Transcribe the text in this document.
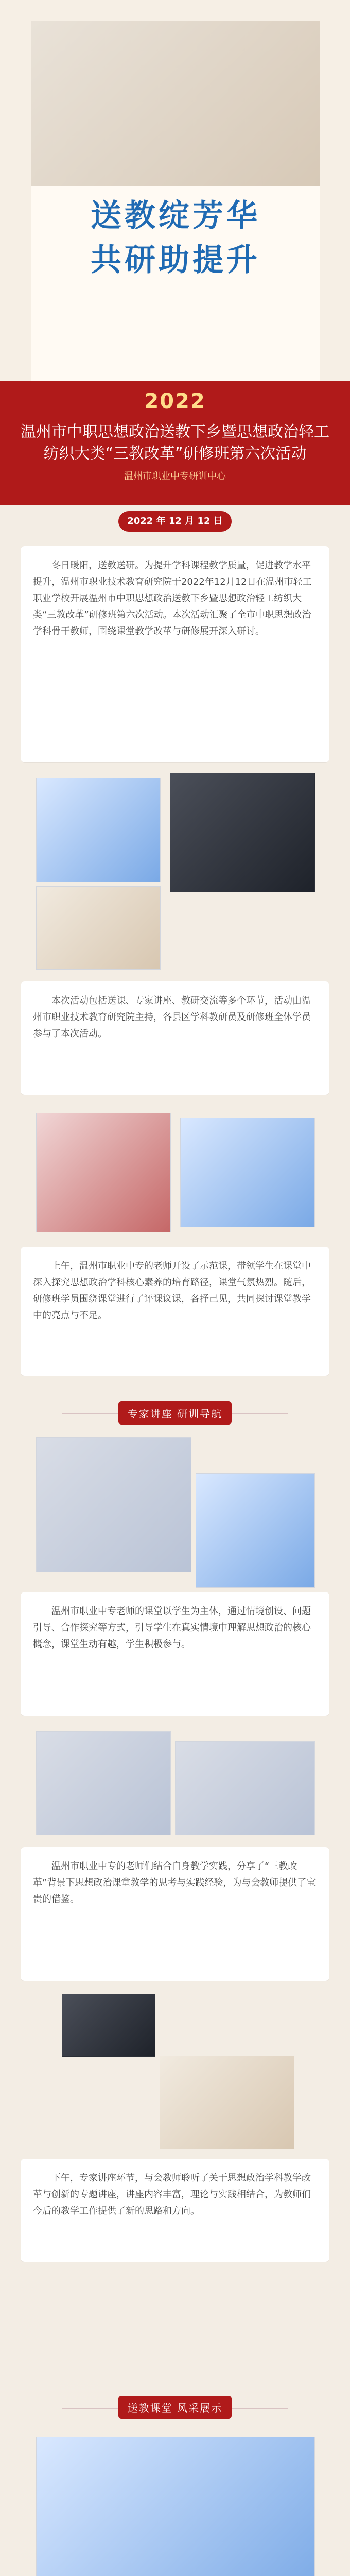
送教绽芳华
共研助提升
2022
温州市中职思想政治送教下乡暨思想政治轻工纺织大类“三教改革”研修班第六次活动
温州市职业中专研训中心
2022 年 12 月 12 日

冬日暖阳，送教送研。为提升学科课程教学质量，促进教学水平提升，温州市职业技术教育研究院于2022年12月12日在温州市轻工职业学校开展温州市中职思想政治送教下乡暨思想政治轻工纺织大类“三教改革”研修班第六次活动。本次活动汇聚了全市中职思想政治学科骨干教师，围绕课堂教学改革与研修展开深入研讨。

本次活动包括送课、专家讲座、教研交流等多个环节，活动由温州市职业技术教育研究院主持，各县区学科教研员及研修班全体学员参与了本次活动。

上午，温州市职业中专的老师开设了示范课，带领学生在课堂中深入探究思想政治学科核心素养的培育路径，课堂气氛热烈。随后，研修班学员围绕课堂进行了评课议课，各抒己见，共同探讨课堂教学中的亮点与不足。

专家讲座 研训导航

温州市职业中专老师的课堂以学生为主体，通过情境创设、问题引导、合作探究等方式，引导学生在真实情境中理解思想政治的核心概念，课堂生动有趣，学生积极参与。

温州市职业中专的老师们结合自身教学实践，分享了“三教改革”背景下思想政治课堂教学的思考与实践经验，为与会教师提供了宝贵的借鉴。

下午，专家讲座环节，与会教师聆听了关于思想政治学科教学改革与创新的专题讲座，讲座内容丰富，理论与实践相结合，为教师们今后的教学工作提供了新的思路和方向。

送教课堂 风采展示
